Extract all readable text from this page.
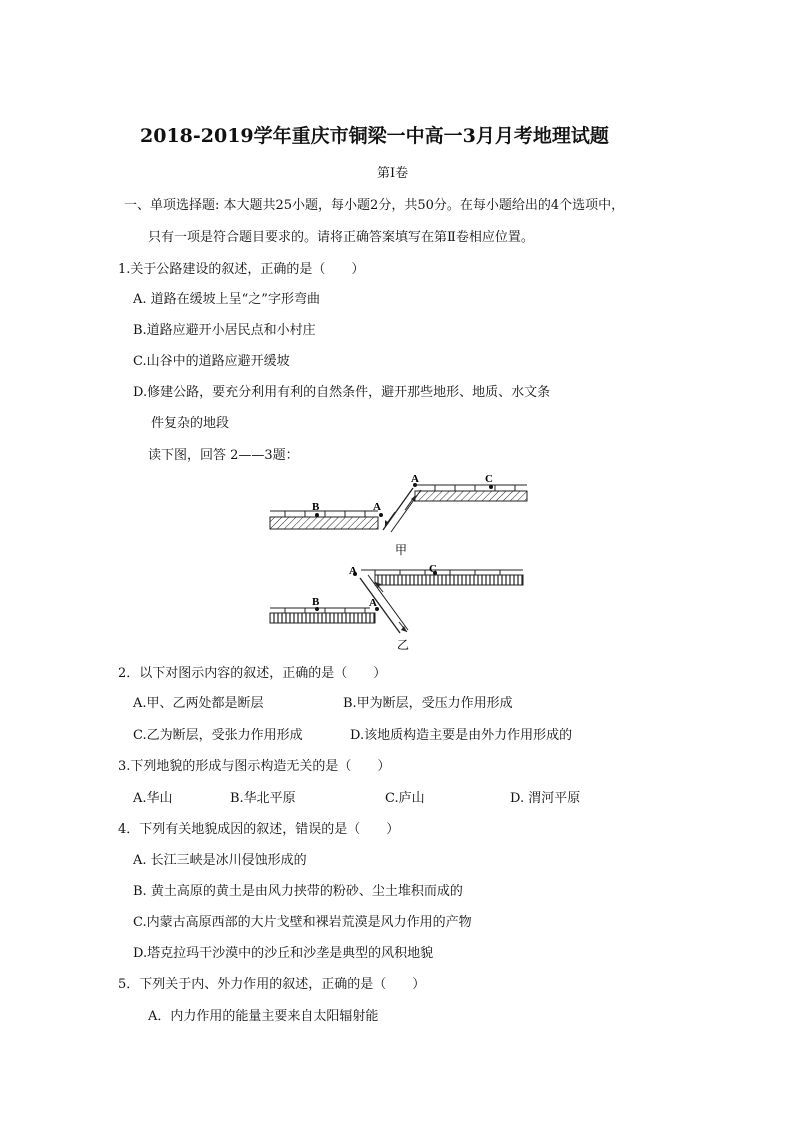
2018-2019学年重庆市铜梁一中高一3月月考地理试题
第Ⅰ卷
一、单项选择题: 本大题共25小题，每小题2分，共50分。在每小题给出的4个选项中，
只有一项是符合题目要求的。请将正确答案填写在第Ⅱ卷相应位置。
1.关于公路建设的叙述，正确的是（　　）
A. 道路在缓坡上呈“之”字形弯曲
B.道路应避开小居民点和小村庄
C.山谷中的道路应避开缓坡
D.修建公路，要充分利用有利的自然条件，避开那些地形、地质、水文条
件复杂的地段
读下图，回答 2——3题：
B	A
A	C
甲
A	C
B	A
乙
2．以下对图示内容的叙述，正确的是（　　）
A.甲、乙两处都是断层	B.甲为断层，受压力作用形成
C.乙为断层，受张力作用形成	D.该地质构造主要是由外力作用形成的
3.下列地貌的形成与图示构造无关的是（　　）
A.华山	B.华北平原	C.庐山	D. 渭河平原
4．下列有关地貌成因的叙述，错误的是（　　）
A. 长江三峡是冰川侵蚀形成的
B. 黄土高原的黄土是由风力挟带的粉砂、尘土堆积而成的
C.内蒙古高原西部的大片戈壁和裸岩荒漠是风力作用的产物
D.塔克拉玛干沙漠中的沙丘和沙垄是典型的风积地貌
5．下列关于内、外力作用的叙述，正确的是（　　）
A．内力作用的能量主要来自太阳辐射能
